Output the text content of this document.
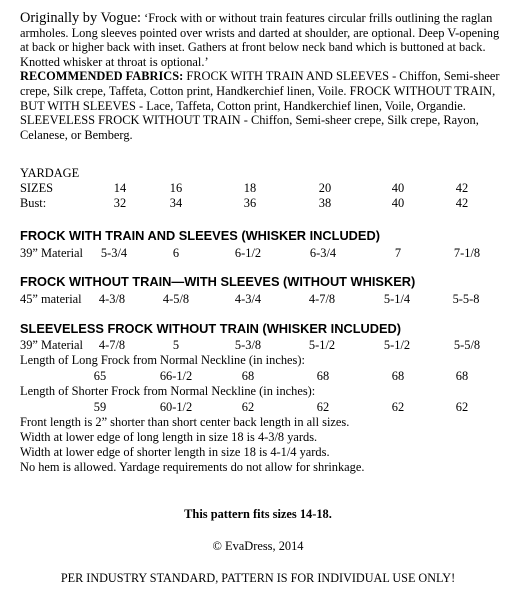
Originally by Vogue: ‘Frock with or without train features circular frills outlining the raglan armholes. Long sleeves pointed over wrists and darted at shoulder, are optional. Deep V-opening at back or higher back with inset. Gathers at front below neck band which is buttoned at back. Knotted whisker at throat is optional.’
RECOMMENDED FABRICS: FROCK WITH TRAIN AND SLEEVES - Chiffon, Semi-sheer crepe, Silk crepe, Taffeta, Cotton print, Handkerchief linen, Voile. FROCK WITHOUT TRAIN, BUT WITH SLEEVES - Lace, Taffeta, Cotton print, Handkerchief linen, Voile, Organdie. SLEEVELESS FROCK WITHOUT TRAIN - Chiffon, Semi-sheer crepe, Silk crepe, Rayon, Celanese, or Bemberg.

YARDAGE
SIZES	14	16	18	20	40	42
Bust:	32	34	36	38	40	42
FROCK WITH TRAIN AND SLEEVES (WHISKER INCLUDED)
39” Material 5-3/4	6	6-1/2	6-3/4	7	7-1/8
FROCK WITHOUT TRAIN—WITH SLEEVES (WITHOUT WHISKER)
45” material 4-3/8	4-5/8	4-3/4	4-7/8	5-1/4	5-5-8
SLEEVELESS FROCK WITHOUT TRAIN (WHISKER INCLUDED)
39” Material 4-7/8	5	5-3/8	5-1/2	5-1/2	5-5/8
Length of Long Frock from Normal Neckline (in inches):
65	66-1/2	68	68	68	68
Length of Shorter Frock from Normal Neckline (in inches):
59	60-1/2	62	62	62	62
Front length is 2” shorter than short center back length in all sizes.
Width at lower edge of long length in size 18 is 4-3/8 yards.
Width at lower edge of shorter length in size 18 is 4-1/4 yards.
No hem is allowed. Yardage requirements do not allow for shrinkage.
This pattern fits sizes 14-18.
© EvaDress, 2014
PER INDUSTRY STANDARD, PATTERN IS FOR INDIVIDUAL USE ONLY!
